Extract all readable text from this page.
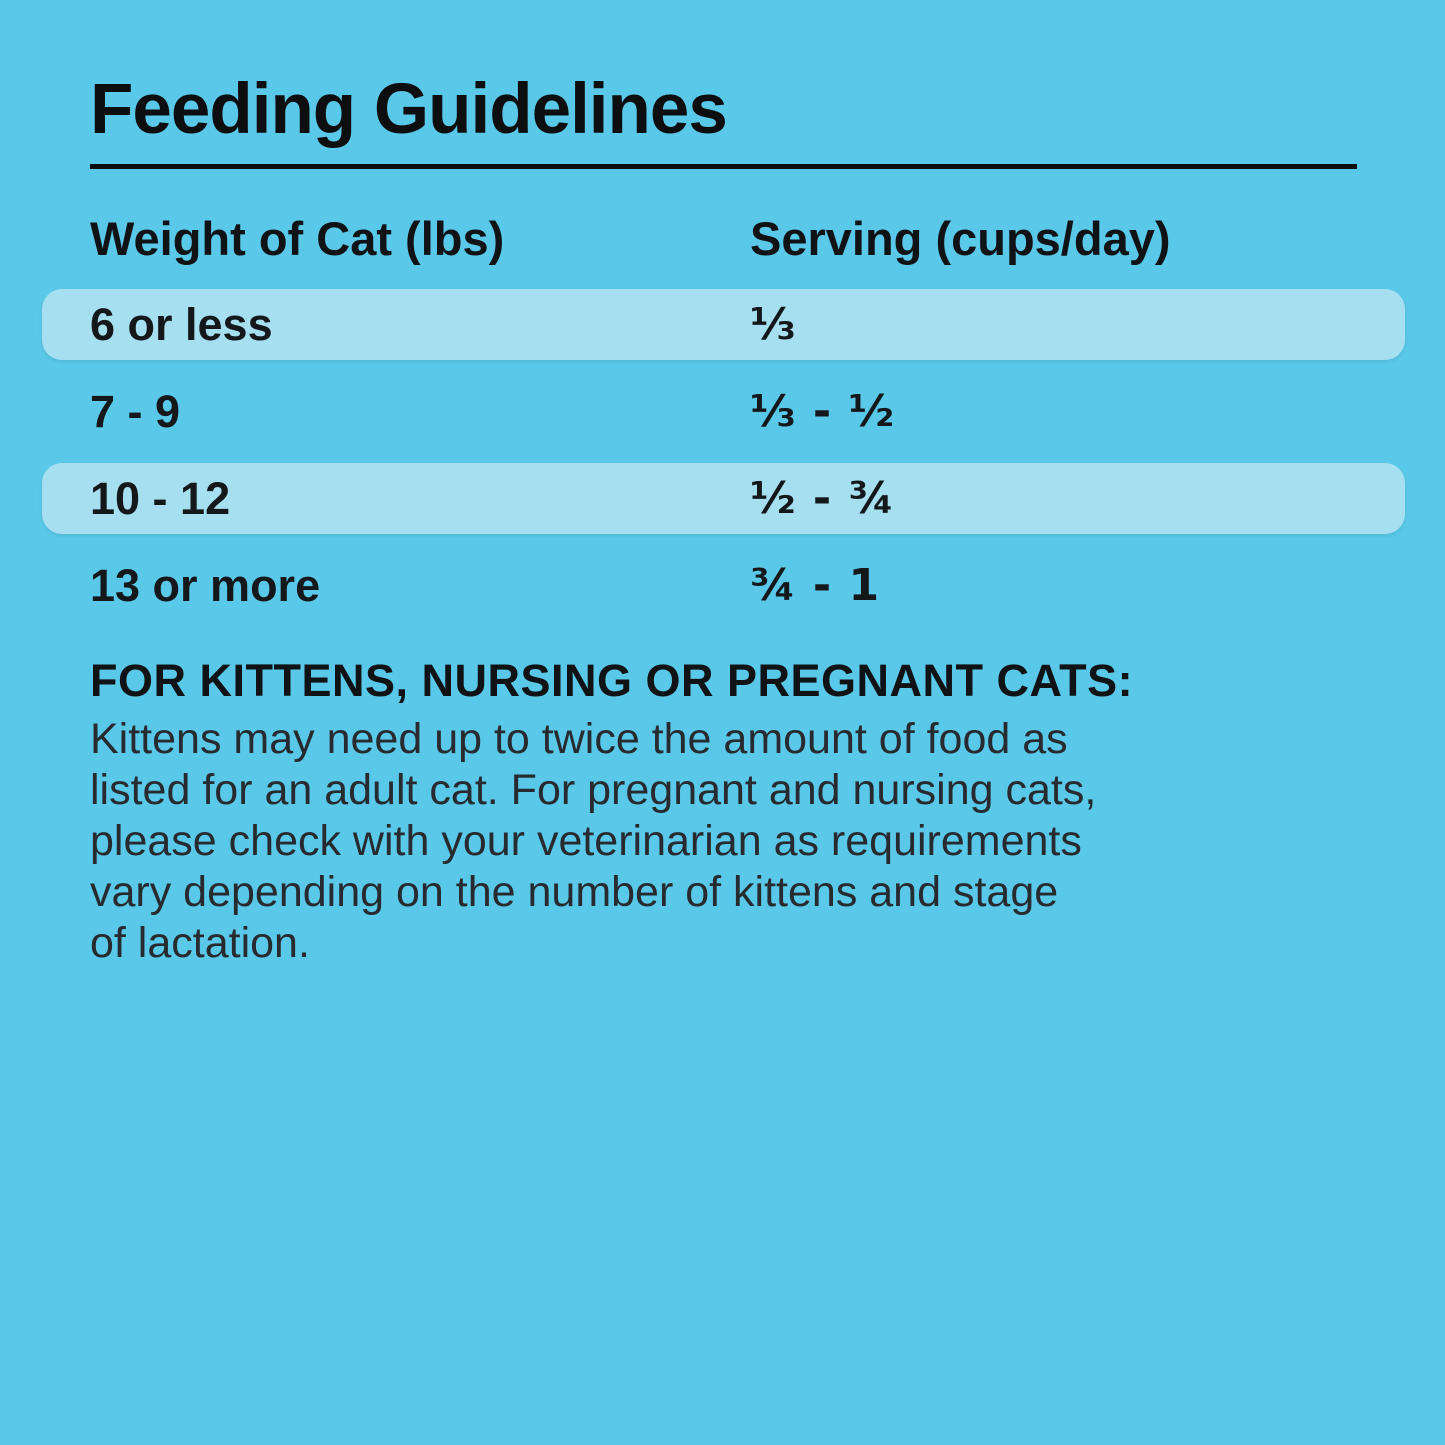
Feeding Guidelines
Weight of Cat (lbs)	Serving (cups/day)
6 or less	⅓
7 - 9	⅓ - ½
10 - 12	½ - ¾
13 or more	¾ - 1
FOR KITTENS, NURSING OR PREGNANT CATS:
Kittens may need up to twice the amount of food as
listed for an adult cat. For pregnant and nursing cats,
please check with your veterinarian as requirements
vary depending on the number of kittens and stage
of lactation.
